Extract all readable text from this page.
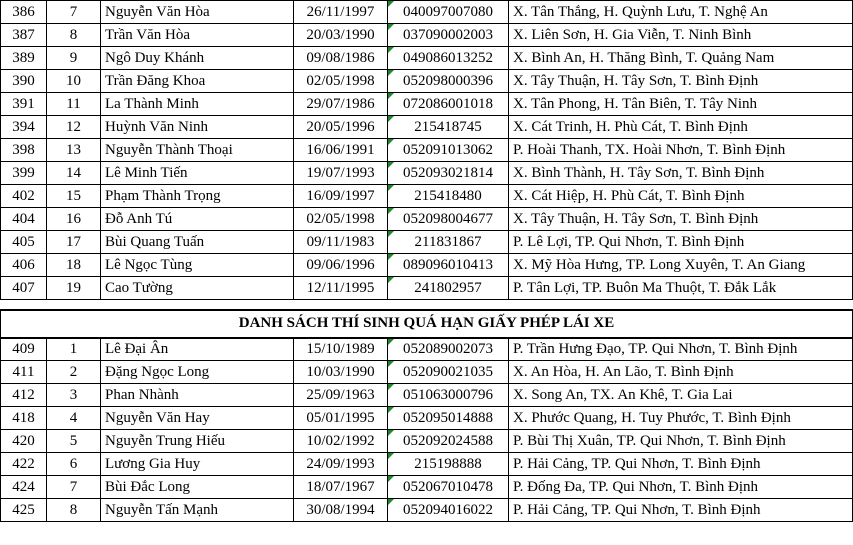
386	7	Nguyễn Văn Hòa	26/11/1997	040097007080	X. Tân Thắng, H. Quỳnh Lưu, T. Nghệ An
387	8	Trần Văn Hòa	20/03/1990	037090002003	X. Liên Sơn, H. Gia Viễn, T. Ninh Bình
389	9	Ngô Duy Khánh	09/08/1986	049086013252	X. Bình An, H. Thăng Bình, T. Quảng Nam
390	10	Trần Đăng Khoa	02/05/1998	052098000396	X. Tây Thuận, H. Tây Sơn, T. Bình Định
391	11	La Thành Minh	29/07/1986	072086001018	X. Tân Phong, H. Tân Biên, T. Tây Ninh
394	12	Huỳnh Văn Ninh	20/05/1996	215418745	X. Cát Trinh, H. Phù Cát, T. Bình Định
398	13	Nguyễn Thành Thoại	16/06/1991	052091013062	P. Hoài Thanh, TX. Hoài Nhơn, T. Bình Định
399	14	Lê Minh Tiến	19/07/1993	052093021814	X. Bình Thành, H. Tây Sơn, T. Bình Định
402	15	Phạm Thành Trọng	16/09/1997	215418480	X. Cát Hiệp, H. Phù Cát, T. Bình Định
404	16	Đỗ Anh Tú	02/05/1998	052098004677	X. Tây Thuận, H. Tây Sơn, T. Bình Định
405	17	Bùi Quang Tuấn	09/11/1983	211831867	P. Lê Lợi, TP. Qui Nhơn, T. Bình Định
406	18	Lê Ngọc Tùng	09/06/1996	089096010413	X. Mỹ Hòa Hưng, TP. Long Xuyên, T. An Giang
407	19	Cao Tường	12/11/1995	241802957	P. Tân Lợi, TP. Buôn Ma Thuột, T. Đắk Lắk

DANH SÁCH THÍ SINH QUÁ HẠN GIẤY PHÉP LÁI XE					
409	1	Lê Đại Ân	15/10/1989	052089002073	P. Trần Hưng Đạo, TP. Qui Nhơn, T. Bình Định
411	2	Đặng Ngọc Long	10/03/1990	052090021035	X. An Hòa, H. An Lão, T. Bình Định
412	3	Phan Nhành	25/09/1963	051063000796	X. Song An, TX. An Khê, T. Gia Lai
418	4	Nguyễn Văn Hay	05/01/1995	052095014888	X. Phước Quang, H. Tuy Phước, T. Bình Định
420	5	Nguyễn Trung Hiếu	10/02/1992	052092024588	P. Bùi Thị Xuân, TP. Qui Nhơn, T. Bình Định
422	6	Lương Gia Huy	24/09/1993	215198888	P. Hải Cảng, TP. Qui Nhơn, T. Bình Định
424	7	Bùi Đắc Long	18/07/1967	052067010478	P. Đống Đa, TP. Qui Nhơn, T. Bình Định
425	8	Nguyễn Tấn Mạnh	30/08/1994	052094016022	P. Hải Cảng, TP. Qui Nhơn, T. Bình Định
